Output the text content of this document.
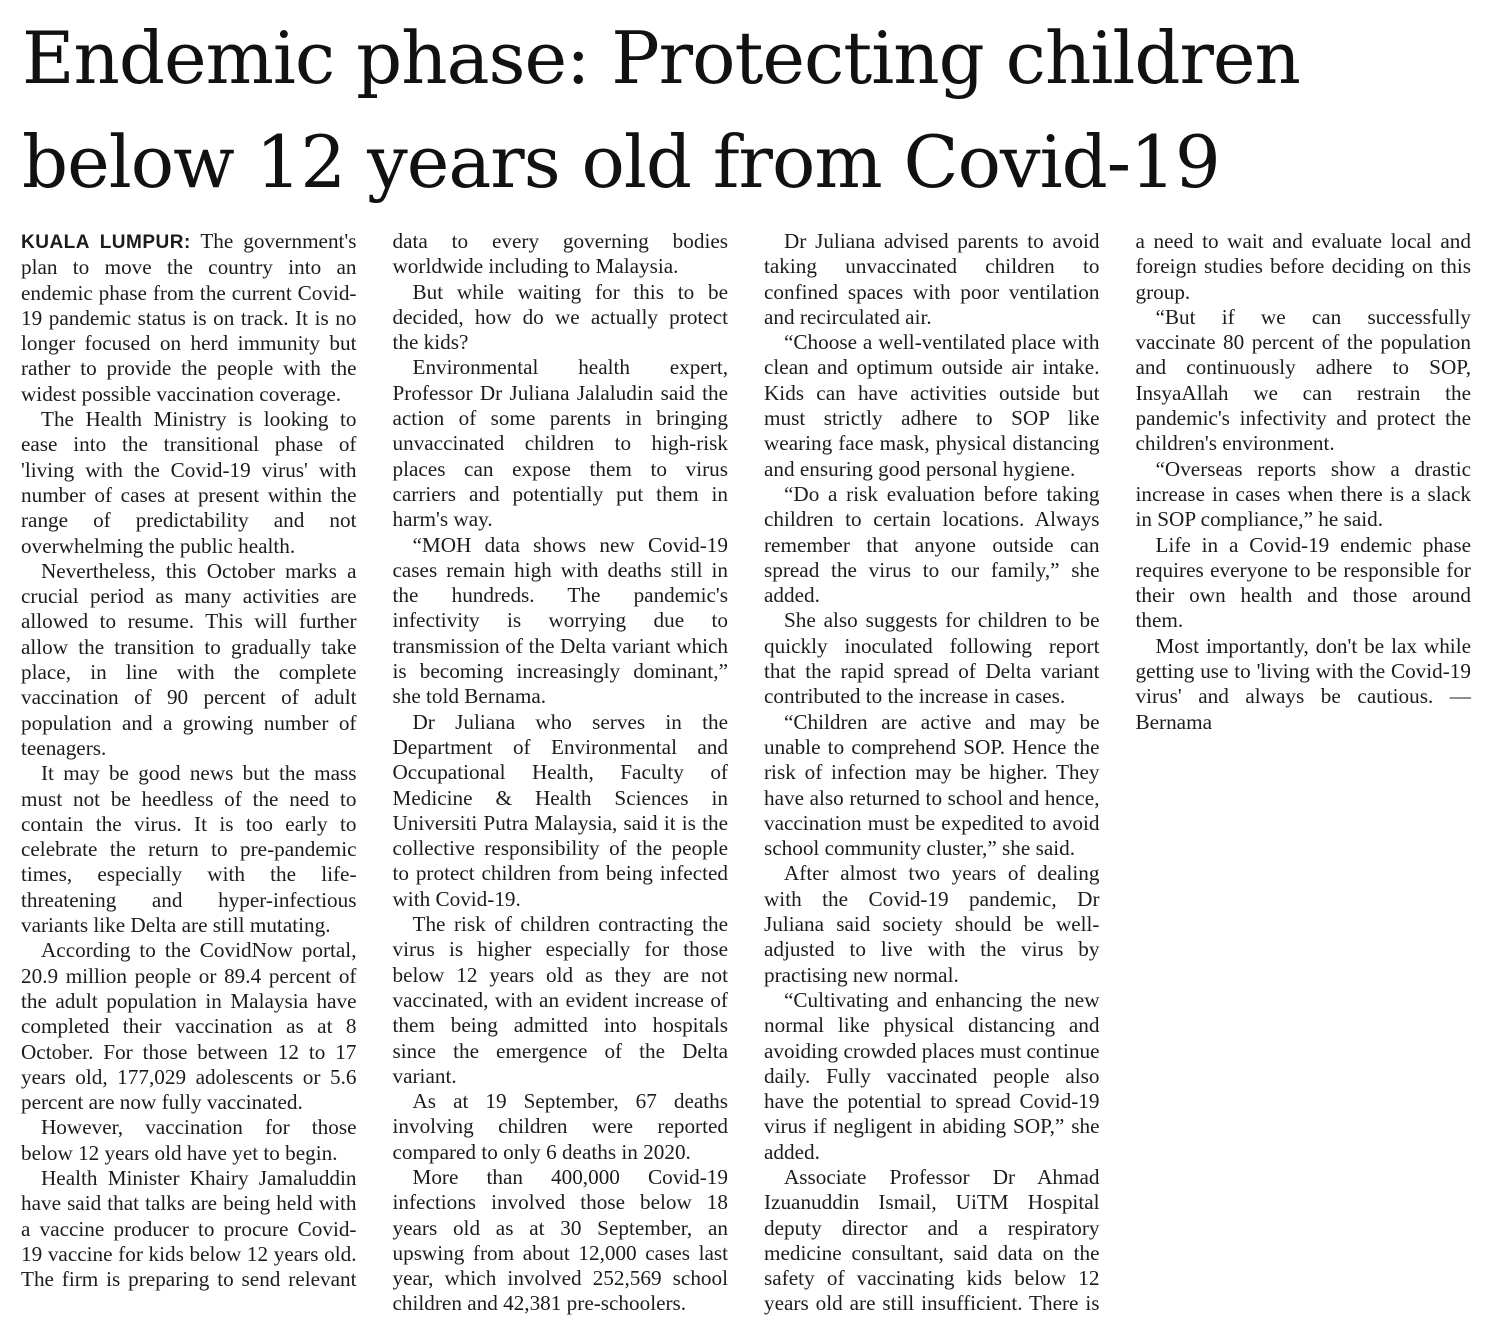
Endemic phase: Protecting children below 12 years old from Covid-19

KUALA LUMPUR: The government's plan to move the country into an endemic phase from the current Covid-19 pandemic status is on track. It is no longer focused on herd immunity but rather to provide the people with the widest possible vaccination coverage.

The Health Ministry is looking to ease into the transitional phase of 'living with the Covid-19 virus' with number of cases at present within the range of predictability and not overwhelming the public health.

Nevertheless, this October marks a crucial period as many activities are allowed to resume. This will further allow the transition to gradually take place, in line with the complete vaccination of 90 percent of adult population and a growing number of teenagers.

It may be good news but the mass must not be heedless of the need to contain the virus. It is too early to celebrate the return to pre-pandemic times, especially with the life-threatening and hyper-infectious variants like Delta are still mutating.

According to the CovidNow portal, 20.9 million people or 89.4 percent of the adult population in Malaysia have completed their vaccination as at 8 October. For those between 12 to 17 years old, 177,029 adolescents or 5.6 percent are now fully vaccinated.

However, vaccination for those below 12 years old have yet to begin.

Health Minister Khairy Jamaluddin have said that talks are being held with a vaccine producer to procure Covid-19 vaccine for kids below 12 years old. The firm is preparing to send relevant data to every governing bodies worldwide including to Malaysia.

But while waiting for this to be decided, how do we actually protect the kids?

Environmental health expert, Professor Dr Juliana Jalaludin said the action of some parents in bringing unvaccinated children to high-risk places can expose them to virus carriers and potentially put them in harm's way.

“MOH data shows new Covid-19 cases remain high with deaths still in the hundreds. The pandemic's infectivity is worrying due to transmission of the Delta variant which is becoming increasingly dominant,” she told Bernama.

Dr Juliana who serves in the Department of Environmental and Occupational Health, Faculty of Medicine & Health Sciences in Universiti Putra Malaysia, said it is the collective responsibility of the people to protect children from being infected with Covid-19.

The risk of children contracting the virus is higher especially for those below 12 years old as they are not vaccinated, with an evident increase of them being admitted into hospitals since the emergence of the Delta variant.

As at 19 September, 67 deaths involving children were reported compared to only 6 deaths in 2020.

More than 400,000 Covid-19 infections involved those below 18 years old as at 30 September, an upswing from about 12,000 cases last year, which involved 252,569 school children and 42,381 pre-schoolers.

Dr Juliana advised parents to avoid taking unvaccinated children to confined spaces with poor ventilation and recirculated air.

“Choose a well-ventilated place with clean and optimum outside air intake. Kids can have activities outside but must strictly adhere to SOP like wearing face mask, physical distancing and ensuring good personal hygiene.

“Do a risk evaluation before taking children to certain locations. Always remember that anyone outside can spread the virus to our family,” she added.

She also suggests for children to be quickly inoculated following report that the rapid spread of Delta variant contributed to the increase in cases.

“Children are active and may be unable to comprehend SOP. Hence the risk of infection may be higher. They have also returned to school and hence, vaccination must be expedited to avoid school community cluster,” she said.

After almost two years of dealing with the Covid-19 pandemic, Dr Juliana said society should be well-adjusted to live with the virus by practising new normal.

“Cultivating and enhancing the new normal like physical distancing and avoiding crowded places must continue daily. Fully vaccinated people also have the potential to spread Covid-19 virus if negligent in abiding SOP,” she added.

Associate Professor Dr Ahmad Izuanuddin Ismail, UiTM Hospital deputy director and a respiratory medicine consultant, said data on the safety of vaccinating kids below 12 years old are still insufficient. There is a need to wait and evaluate local and foreign studies before deciding on this group.

“But if we can successfully vaccinate 80 percent of the population and continuously adhere to SOP, InsyaAllah we can restrain the pandemic's infectivity and protect the children's environment.

“Overseas reports show a drastic increase in cases when there is a slack in SOP compliance,” he said.

Life in a Covid-19 endemic phase requires everyone to be responsible for their own health and those around them.

Most importantly, don't be lax while getting use to 'living with the Covid-19 virus' and always be cautious. — Bernama
